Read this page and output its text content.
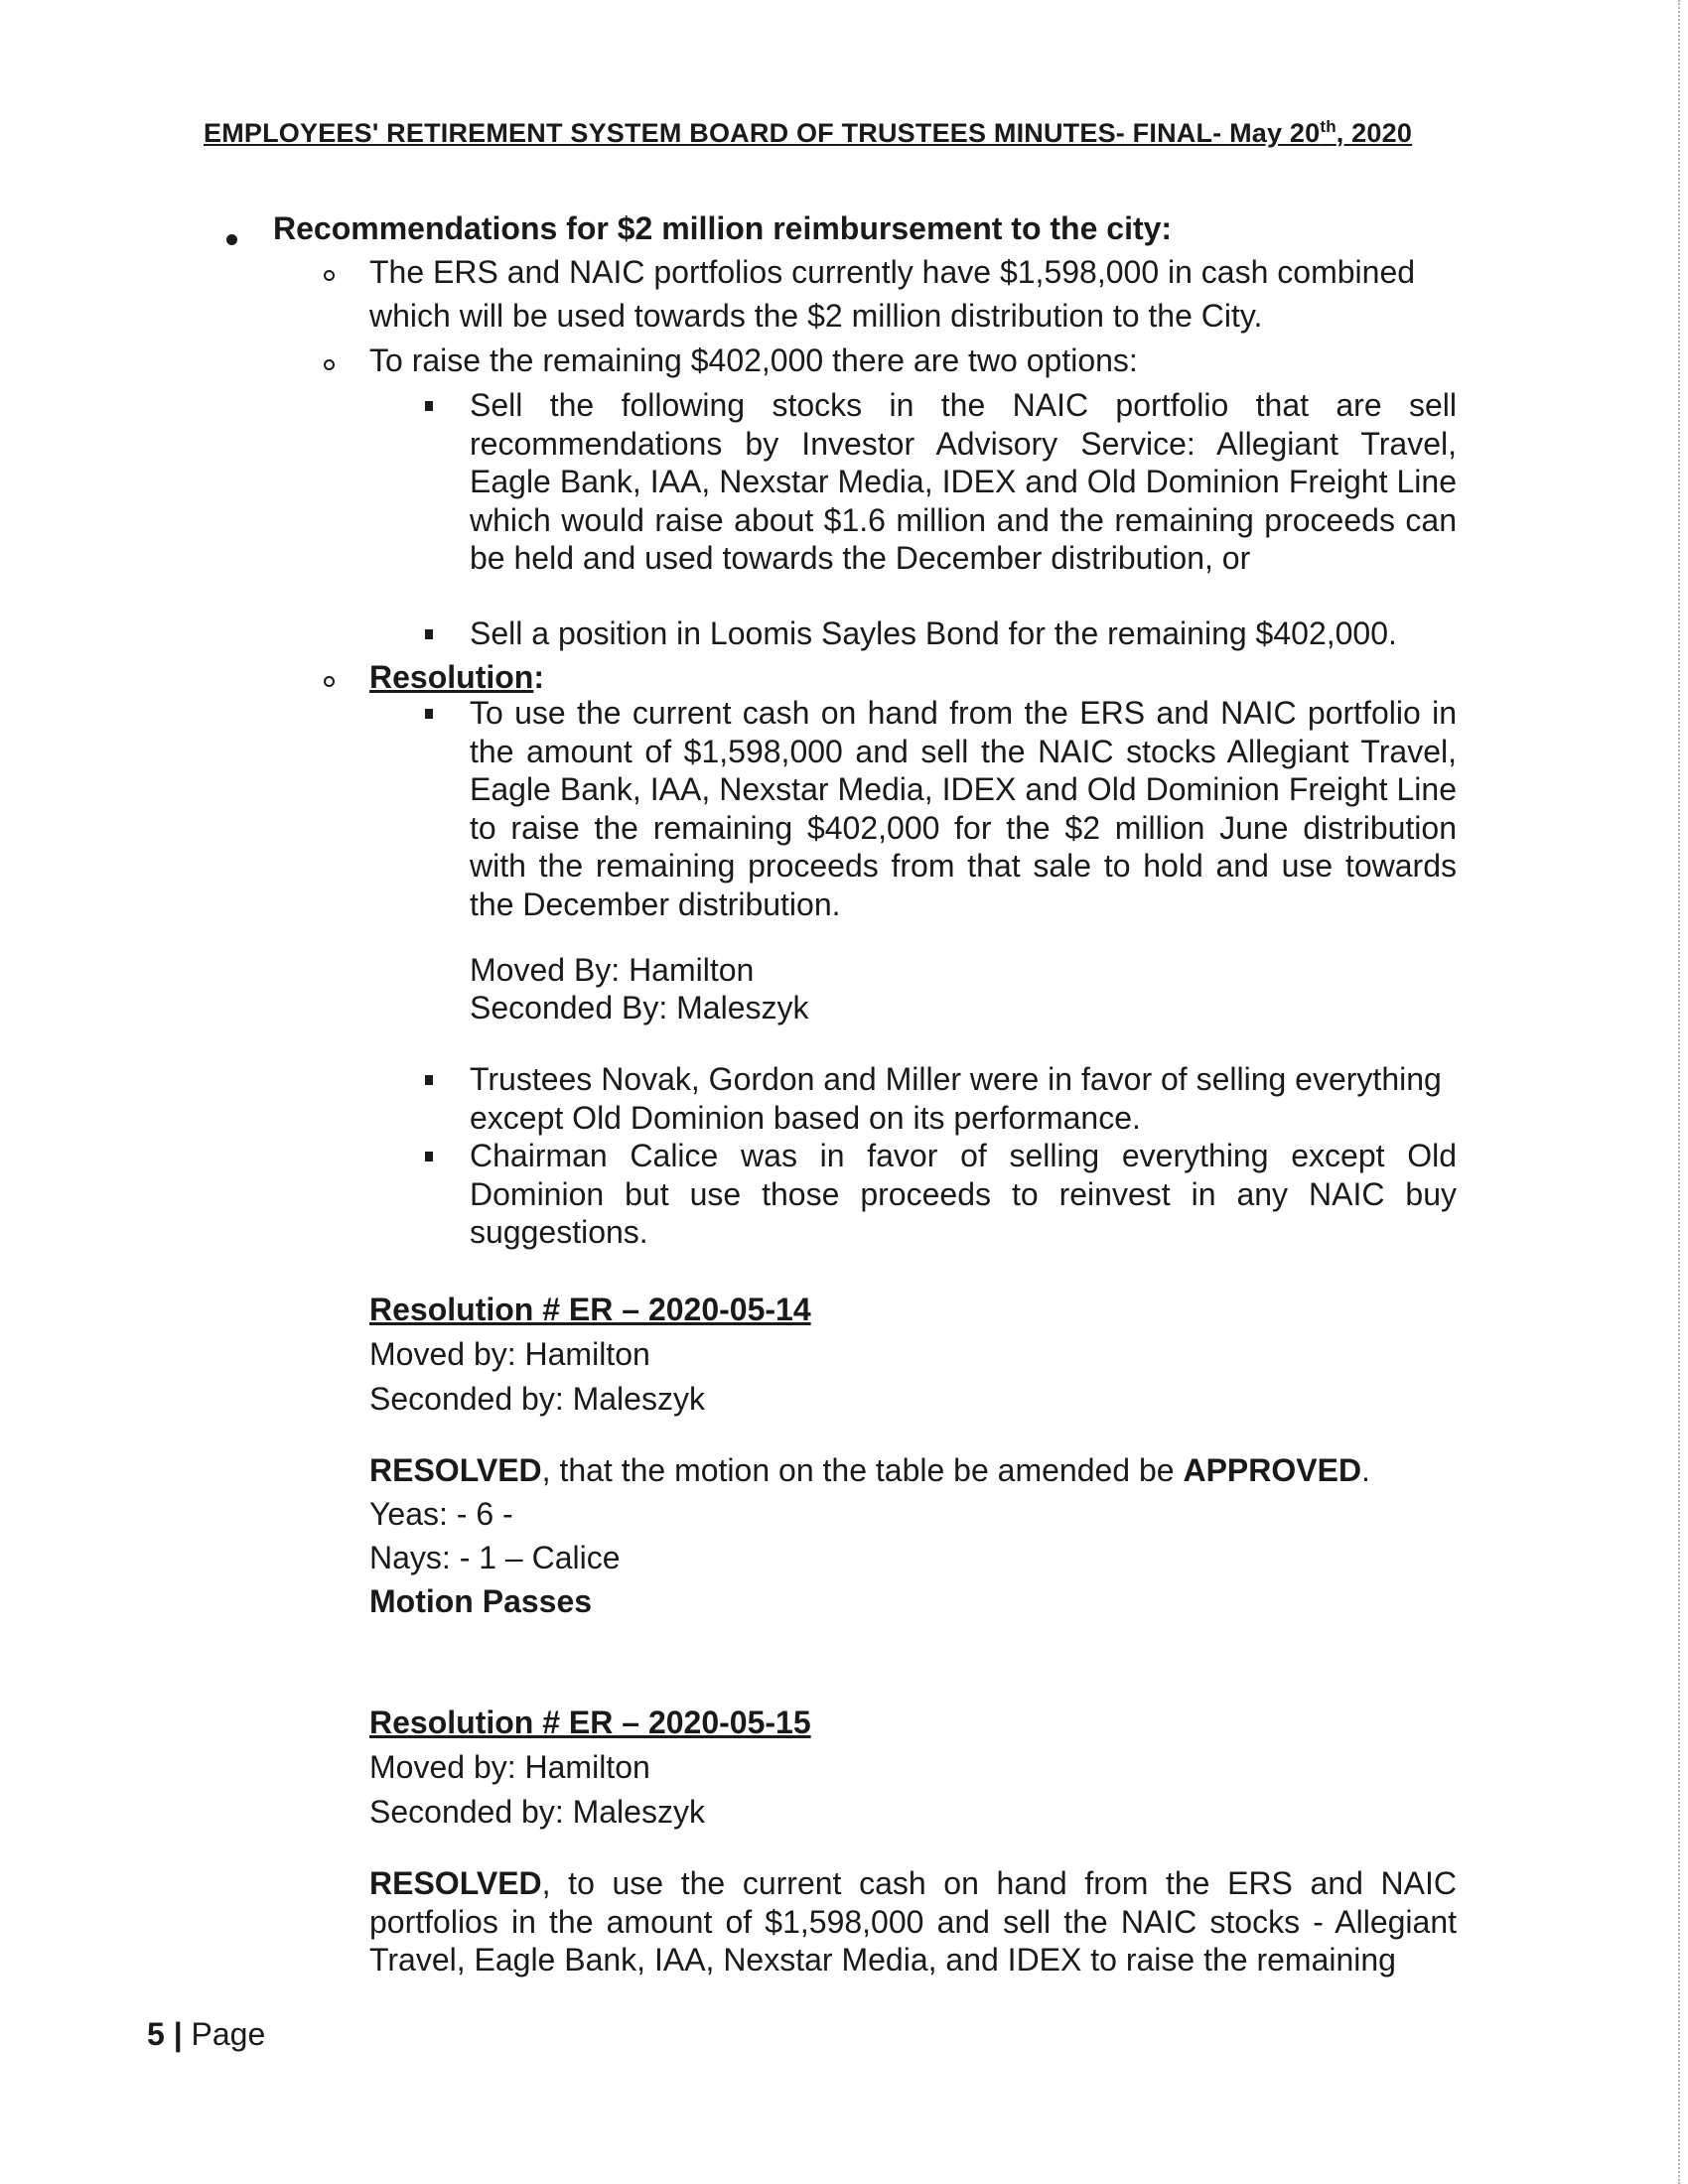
EMPLOYEES' RETIREMENT SYSTEM BOARD OF TRUSTEES MINUTES- FINAL- May 20th, 2020
Recommendations for $2 million reimbursement to the city:
The ERS and NAIC portfolios currently have $1,598,000 in cash combined
which will be used towards the $2 million distribution to the City.
To raise the remaining $402,000 there are two options:
Sell the following stocks in the NAIC portfolio that are sell recommendations by Investor Advisory Service: Allegiant Travel, Eagle Bank, IAA, Nexstar Media, IDEX and Old Dominion Freight Line which would raise about $1.6 million and the remaining proceeds can be held and used towards the December distribution, or
Sell a position in Loomis Sayles Bond for the remaining $402,000.
Resolution:
To use the current cash on hand from the ERS and NAIC portfolio in the amount of $1,598,000 and sell the NAIC stocks Allegiant Travel, Eagle Bank, IAA, Nexstar Media, IDEX and Old Dominion Freight Line to raise the remaining $402,000 for the $2 million June distribution with the remaining proceeds from that sale to hold and use towards the December distribution.
Moved By: Hamilton
Seconded By: Maleszyk
Trustees Novak, Gordon and Miller were in favor of selling everything except Old Dominion based on its performance.
Chairman Calice was in favor of selling everything except Old Dominion but use those proceeds to reinvest in any NAIC buy suggestions.
Resolution # ER – 2020-05-14
Moved by: Hamilton
Seconded by: Maleszyk
RESOLVED, that the motion on the table be amended be APPROVED.
Yeas: - 6 -
Nays: - 1 – Calice
Motion Passes
Resolution # ER – 2020-05-15
Moved by: Hamilton
Seconded by: Maleszyk
RESOLVED, to use the current cash on hand from the ERS and NAIC portfolios in the amount of $1,598,000 and sell the NAIC stocks - Allegiant Travel, Eagle Bank, IAA, Nexstar Media, and IDEX to raise the remaining
5 | Page
